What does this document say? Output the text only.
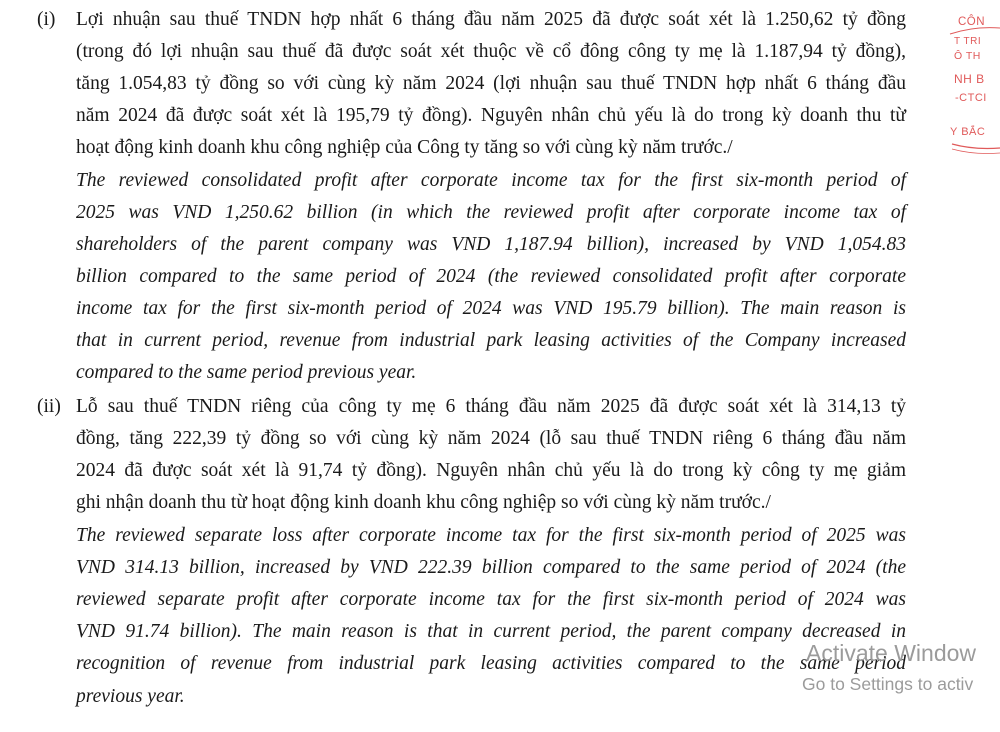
(i) Lợi nhuận sau thuế TNDN hợp nhất 6 tháng đầu năm 2025 đã được soát xét là 1.250,62 tỷ đồng
(trong đó lợi nhuận sau thuế đã được soát xét thuộc về cổ đông công ty mẹ là 1.187,94 tỷ đồng),
tăng 1.054,83 tỷ đồng so với cùng kỳ năm 2024 (lợi nhuận sau thuế TNDN hợp nhất 6 tháng đầu
năm 2024 đã được soát xét là 195,79 tỷ đồng). Nguyên nhân chủ yếu là do trong kỳ doanh thu từ
hoạt động kinh doanh khu công nghiệp của Công ty tăng so với cùng kỳ năm trước./
The reviewed consolidated profit after corporate income tax for the first six-month period of
2025 was VND 1,250.62 billion (in which the reviewed profit after corporate income tax of
shareholders of the parent company was VND 1,187.94 billion), increased by VND 1,054.83
billion compared to the same period of 2024 (the reviewed consolidated profit after corporate
income tax for the first six-month period of 2024 was VND 195.79 billion). The main reason is
that in current period, revenue from industrial park leasing activities of the Company increased
compared to the same period previous year.
(ii) Lỗ sau thuế TNDN riêng của công ty mẹ 6 tháng đầu năm 2025 đã được soát xét là 314,13 tỷ
đồng, tăng 222,39 tỷ đồng so với cùng kỳ năm 2024 (lỗ sau thuế TNDN riêng 6 tháng đầu năm
2024 đã được soát xét là 91,74 tỷ đồng). Nguyên nhân chủ yếu là do trong kỳ công ty mẹ giảm
ghi nhận doanh thu từ hoạt động kinh doanh khu công nghiệp so với cùng kỳ năm trước./
The reviewed separate loss after corporate income tax for the first six-month period of 2025 was
VND 314.13 billion, increased by VND 222.39 billion compared to the same period of 2024 (the
reviewed separate profit after corporate income tax for the first six-month period of 2024 was
VND 91.74 billion). The main reason is that in current period, the parent company decreased in
recognition of revenue from industrial park leasing activities compared to the same period
previous year.
CÔN
T TRI
Ô TH
NH B
-CTCI
Y BẮC
Activate Window
Go to Settings to activ
